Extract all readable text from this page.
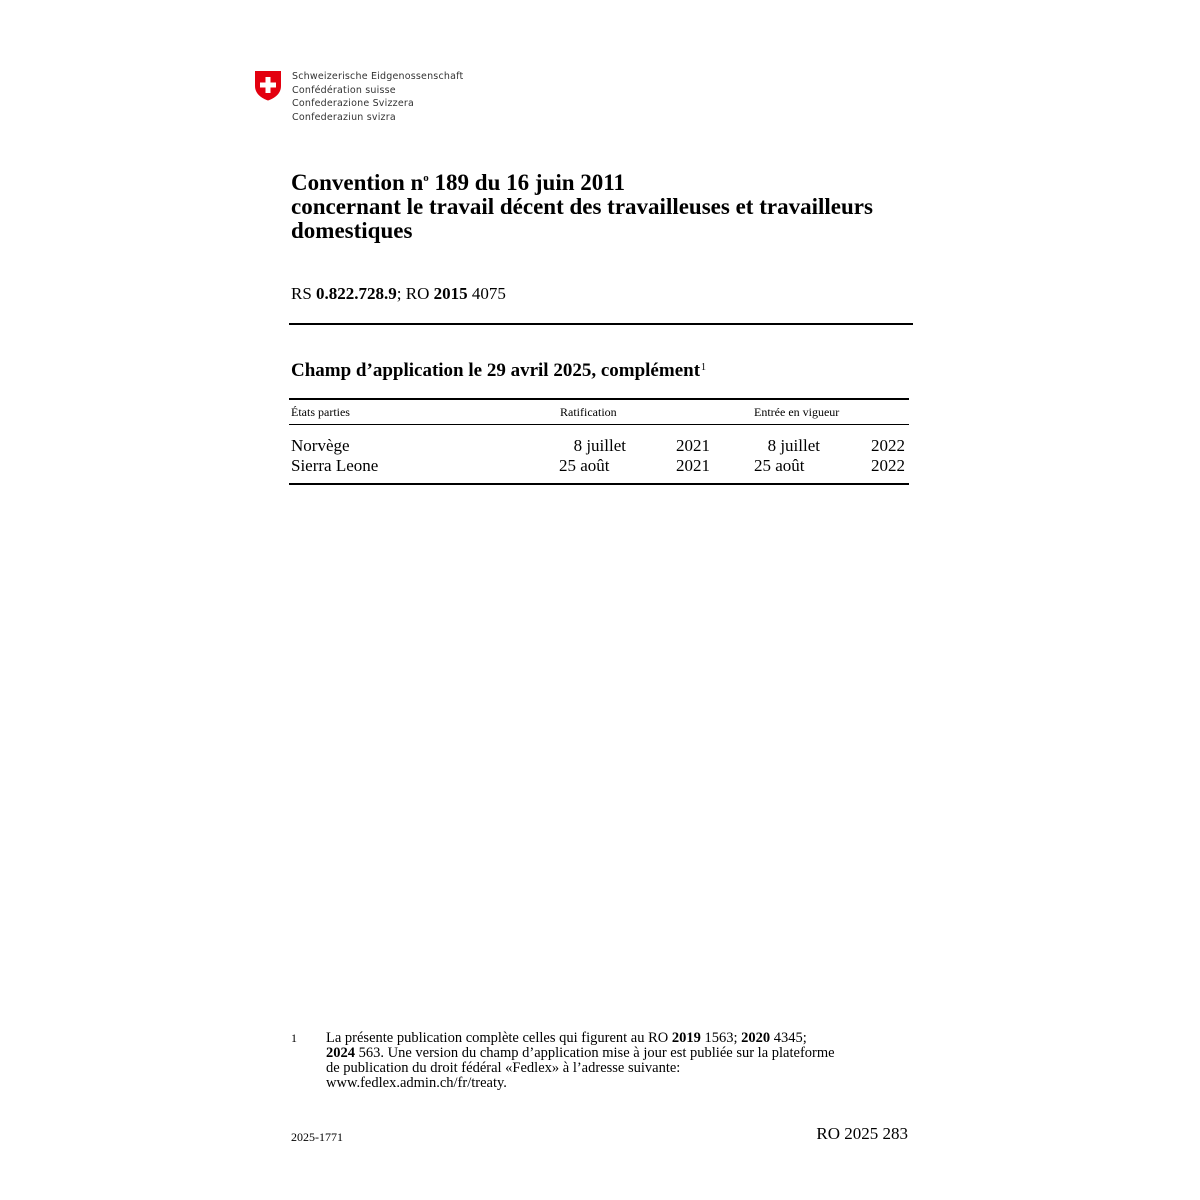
Schweizerische Eidgenossenschaft
Confédération suisse
Confederazione Svizzera
Confederaziun svizra
Convention $n^o$ 189 du 16 juin 2011
concernant le travail décent des travailleuses et travailleurs
domestiques
RS 0.822.728.9; RO 2015 4075
Champ d’application le 29 avril 2025, complément$^1$
États parties	Ratification	Entrée en vigueur
Norvège	8 juillet	2021	8 juillet	2022
Sierra Leone	25 août	2021	25 août	2022
1 La présente publication complète celles qui figurent au RO 2019 1563; 2020 4345;
2024 563. Une version du champ d’application mise à jour est publiée sur la plateforme
de publication du droit fédéral «Fedlex» à l’adresse suivante:
www.fedlex.admin.ch/fr/treaty.
2025-1771	RO 2025 283
